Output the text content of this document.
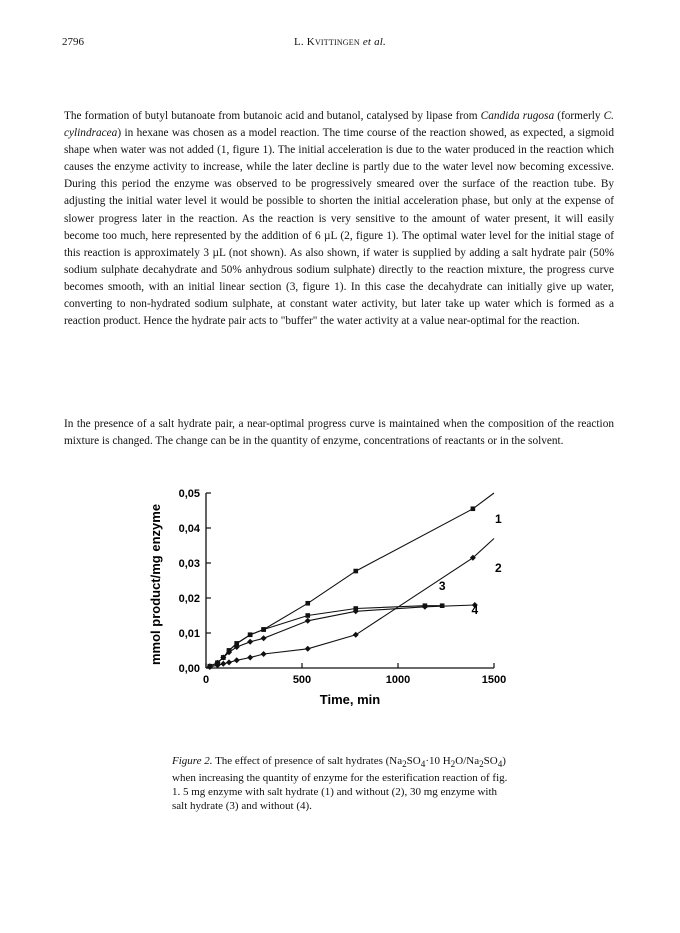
2796	L. Kvittingen et al.

The formation of butyl butanoate from butanoic acid and butanol, catalysed by lipase from Candida rugosa (formerly C. cylindracea) in hexane was chosen as a model reaction. The time course of the reaction showed, as expected, a sigmoid shape when water was not added (1, figure 1). The initial acceleration is due to the water produced in the reaction which causes the enzyme activity to increase, while the later decline is partly due to the water level now becoming excessive. During this period the enzyme was observed to be progressively smeared over the surface of the reaction tube. By adjusting the initial water level it would be possible to shorten the initial acceleration phase, but only at the expense of slower progress later in the reaction. As the reaction is very sensitive to the amount of water present, it will easily become too much, here represented by the addition of 6 µL (2, figure 1). The optimal water level for the initial stage of this reaction is approximately 3 µL (not shown). As also shown, if water is supplied by adding a salt hydrate pair (50% sodium sulphate decahydrate and 50% anhydrous sodium sulphate) directly to the reaction mixture, the progress curve becomes smooth, with an initial linear section (3, figure 1). In this case the decahydrate can initially give up water, converting to non-hydrated sodium sulphate, at constant water activity, but later take up water which is formed as a reaction product. Hence the hydrate pair acts to "buffer" the water activity at a value near-optimal for the reaction.

In the presence of a salt hydrate pair, a near-optimal progress curve is maintained when the composition of the reaction mixture is changed. The change can be in the quantity of enzyme, concentrations of reactants or in the solvent.

0,00
0,01
0,02
0,03
0,04
0,05
0	500	1000	1500
1
2
3
4
Time, min
mmol product/mg enzyme

Figure 2. The effect of presence of salt hydrates ($Na_2SO_4\cdot 10$ $H_2O/Na_2SO_4$) when increasing the quantity of enzyme for the esterification reaction of fig. 1. 5 mg enzyme with salt hydrate (1) and without (2), 30 mg enzyme with salt hydrate (3) and without (4).
